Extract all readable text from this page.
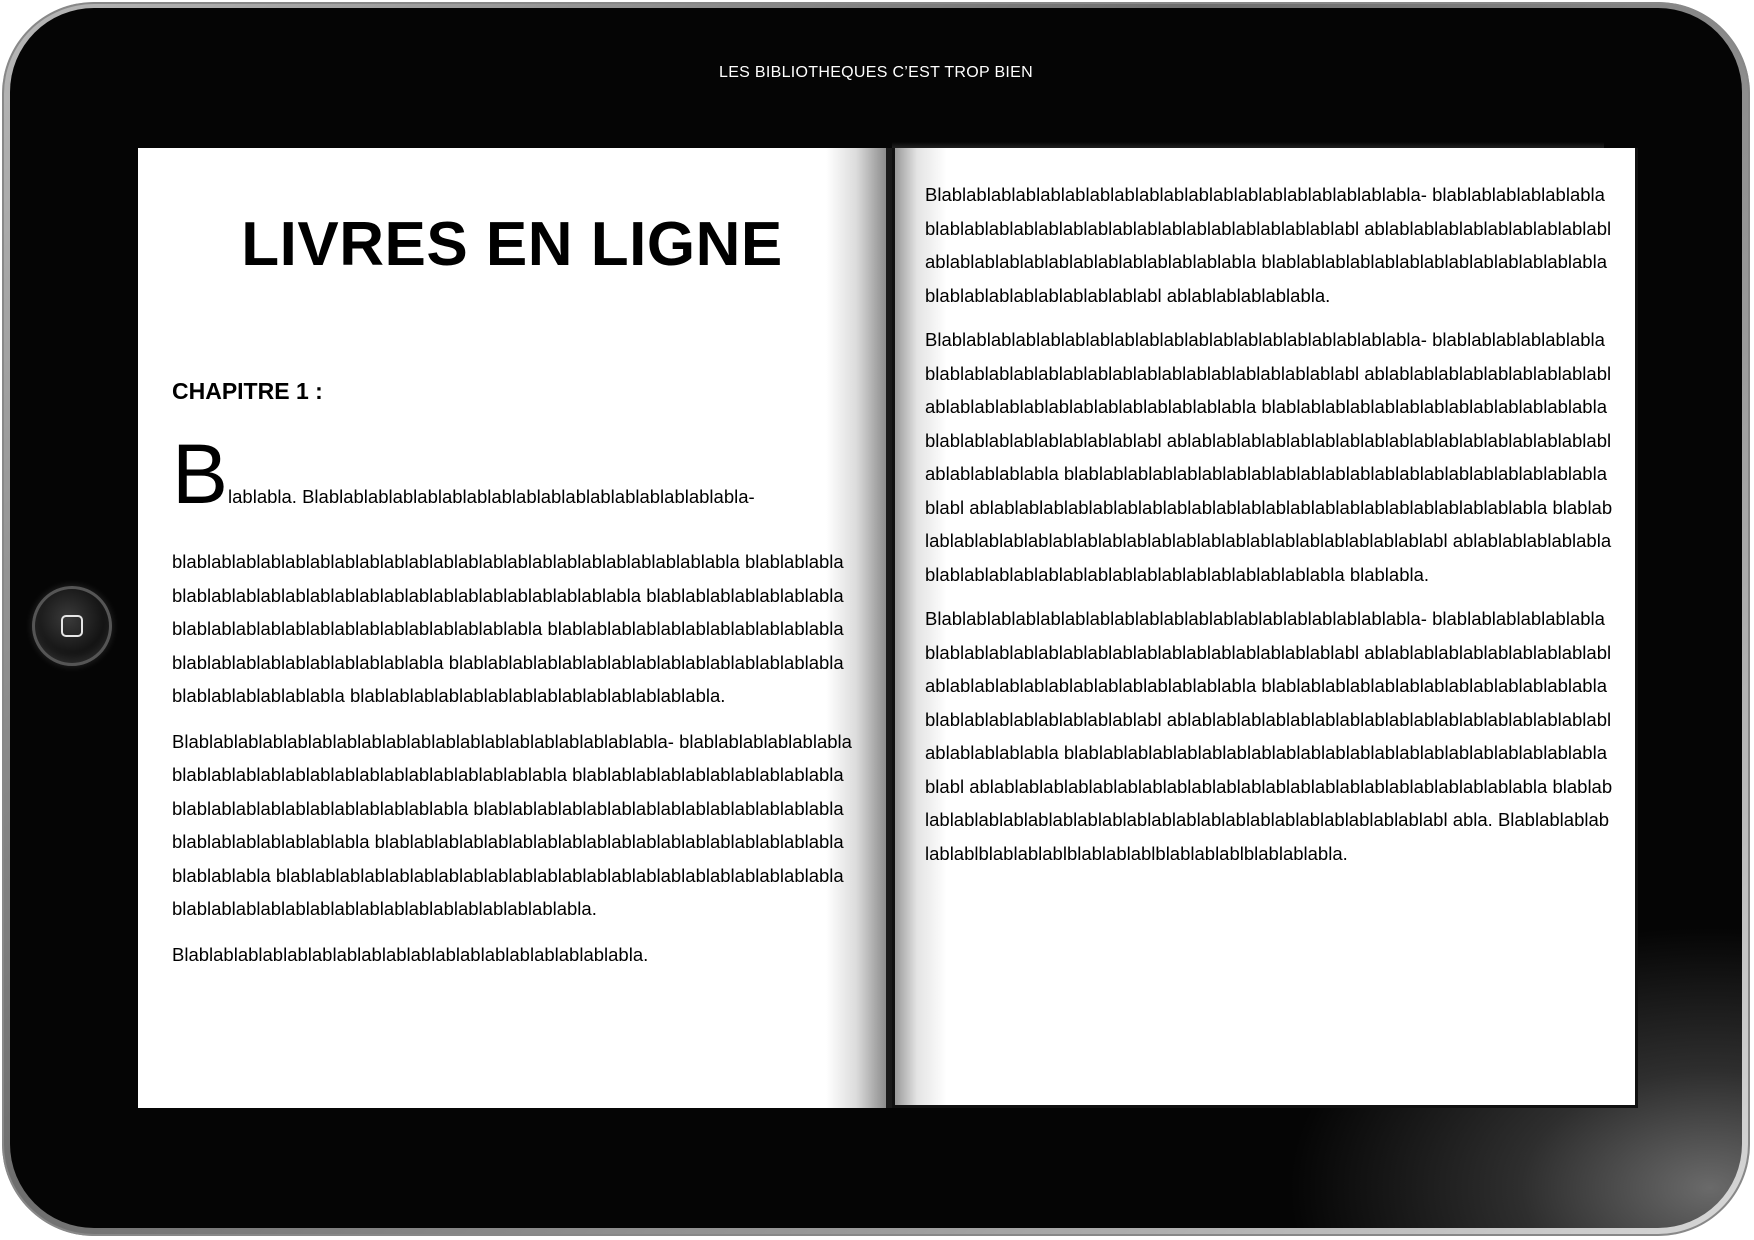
LES BIBLIOTHEQUES C’EST TROP BIEN
LIVRES EN LIGNE
CHAPITRE 1 :
Blablabla. Blablablablablablablablablablablablablablablablablabla-

blablablablablablablablablablablablablablablablablablablablablablabla blablablablablablablablablablablablablablablablablablablablablablabla blablablablablablablablablablablablablablablablablablablablablablabla blablablablablablablablablablablablablablablablablablablablablablabla blablablablablablablablablablablablablablablablablablablablablablabla blablablablablablablablablablablablablablabla.

Blablablablablablablablablablablablablablablablablablablabla- blablablablablablablablablablablablablablablablablablablablablablabla blablablablablablablablablablablablablablablablablablablablablablabla blablablablablablablablablablablablablablablablablablablablablablabla blablablablablablablablablablablablablablablablablablablablablablabla blablablablablablablablablablablablablablablablablablablablablablabla blablablablablablablablablablablablablablablablabla.

Blablablablablablablablablablablablablablablablablablabla.

Blablablablablablablablablablablablablablablablablablablabla- blablablablablablablablablablablablablablablablablablablablablablablablabl ablablablablablablablablablablablablablablablablablablablablablablabla blablablablablablablablablablablablablablablablablablablablablablablabl ablablablablablabla.

Blablablablablablablablablablablablablablablablablablablabla- blablablablablablablablablablablablablablablablablablablablablablablablabl ablablablablablablablablablablablablablablablablablablablablablablabla blablablablablablablablablablablablablablablablablablablablablablablabl ablablablablablablablablablablablablablablablablablablablablablablabla blablablablablablablablablablablablablablablablablablablablablablablabl ablablablablablablablablablablablablablablablablablablablablablablabla blablablablablablablablablablablablablablablablablablablablablablablabl ablablablablablablablablablablablablablablablablablablablablablablabla blablabla.

Blablablablablablablablablablablablablablablablablablablabla- blablablablablablablablablablablablablablablablablablablablablablablablabl ablablablablablablablablablablablablablablablablablablablablablablabla blablablablablablablablablablablablablablablablablablablablablablablabl ablablablablablablablablablablablablablablablablablablablablablablabla blablablablablablablablablablablablablablablablablablablablablablablabl ablablablablablablablablablablablablablablablablablablablablablablabla blablablablablablablablablablablablablablablablablablablablablablablabl abla. Blablablablablablablblablablablblablablablblablablablblablablabla.
